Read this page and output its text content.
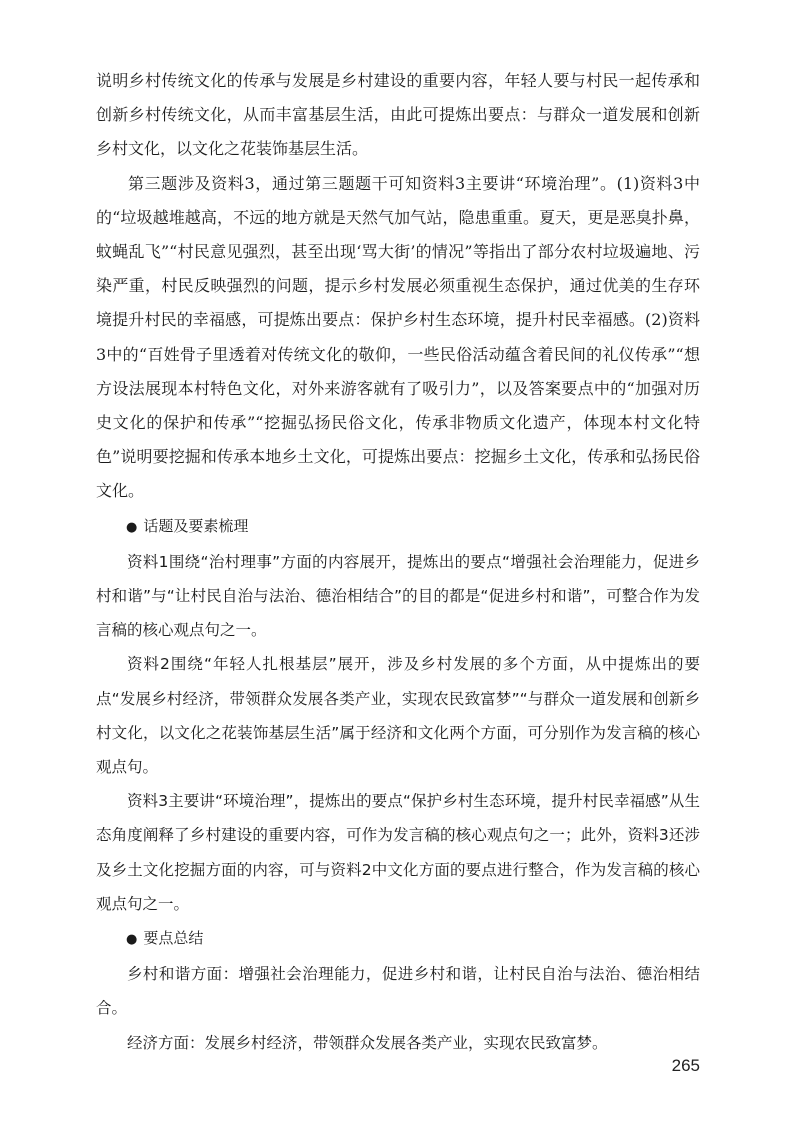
说明乡村传统文化的传承与发展是乡村建设的重要内容，年轻人要与村民一起传承和创新乡村传统文化，从而丰富基层生活，由此可提炼出要点：与群众一道发展和创新乡村文化，以文化之花装饰基层生活。

第三题涉及资料3，通过第三题题干可知资料3主要讲“环境治理”。(1)资料3中的“垃圾越堆越高，不远的地方就是天然气加气站，隐患重重。夏天，更是恶臭扑鼻，蚊蝇乱飞”“村民意见强烈，甚至出现‘骂大街’的情况”等指出了部分农村垃圾遍地、污染严重，村民反映强烈的问题，提示乡村发展必须重视生态保护，通过优美的生存环境提升村民的幸福感，可提炼出要点：保护乡村生态环境，提升村民幸福感。(2)资料3中的“百姓骨子里透着对传统文化的敬仰，一些民俗活动蕴含着民间的礼仪传承”“想方设法展现本村特色文化，对外来游客就有了吸引力”，以及答案要点中的“加强对历史文化的保护和传承”“挖掘弘扬民俗文化，传承非物质文化遗产，体现本村文化特色”说明要挖掘和传承本地乡土文化，可提炼出要点：挖掘乡土文化，传承和弘扬民俗文化。

● 话题及要素梳理

资料1围绕“治村理事”方面的内容展开，提炼出的要点“增强社会治理能力，促进乡村和谐”与“让村民自治与法治、德治相结合”的目的都是“促进乡村和谐”，可整合作为发言稿的核心观点句之一。

资料2围绕“年轻人扎根基层”展开，涉及乡村发展的多个方面，从中提炼出的要点“发展乡村经济，带领群众发展各类产业，实现农民致富梦”“与群众一道发展和创新乡村文化，以文化之花装饰基层生活”属于经济和文化两个方面，可分别作为发言稿的核心观点句。

资料3主要讲“环境治理”，提炼出的要点“保护乡村生态环境，提升村民幸福感”从生态角度阐释了乡村建设的重要内容，可作为发言稿的核心观点句之一；此外，资料3还涉及乡土文化挖掘方面的内容，可与资料2中文化方面的要点进行整合，作为发言稿的核心观点句之一。

● 要点总结

乡村和谐方面：增强社会治理能力，促进乡村和谐，让村民自治与法治、德治相结合。

经济方面：发展乡村经济，带领群众发展各类产业，实现农民致富梦。

265
